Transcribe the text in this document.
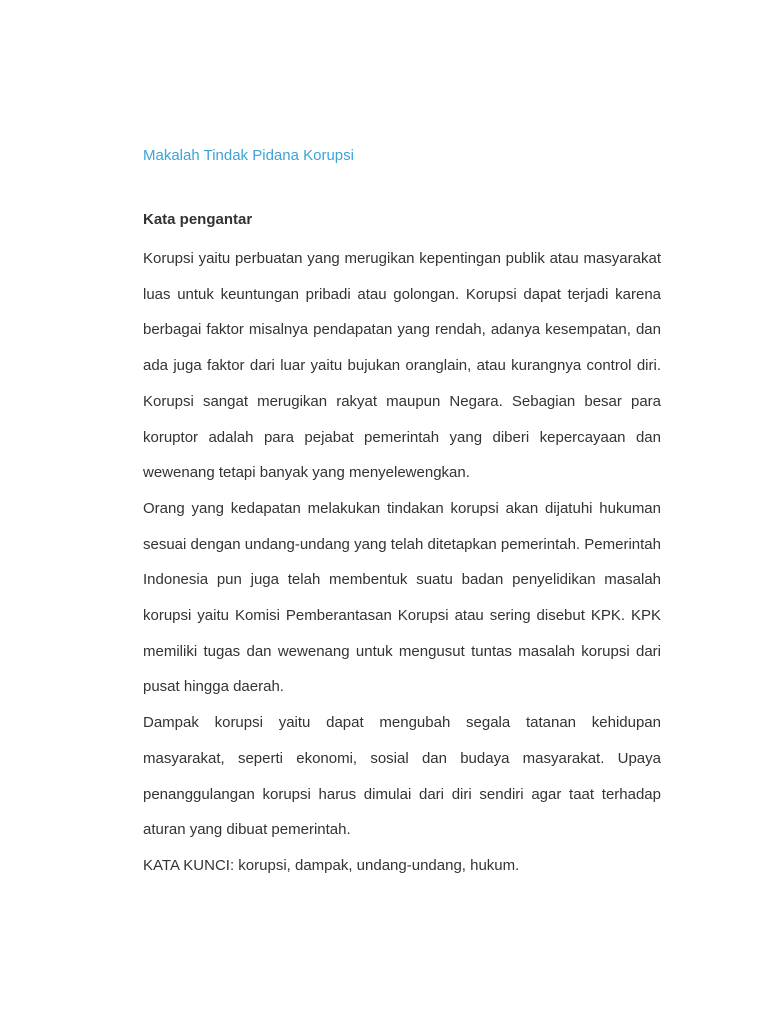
Makalah Tindak Pidana Korupsi
Kata pengantar

Korupsi yaitu perbuatan yang merugikan kepentingan publik atau masyarakat luas untuk keuntungan pribadi atau golongan. Korupsi dapat terjadi karena berbagai faktor misalnya pendapatan yang rendah, adanya kesempatan, dan ada juga faktor dari luar yaitu bujukan oranglain, atau kurangnya control diri. Korupsi sangat merugikan rakyat maupun Negara. Sebagian besar para koruptor adalah para pejabat pemerintah yang diberi kepercayaan dan wewenang tetapi banyak yang menyelewengkan.

Orang yang kedapatan melakukan tindakan korupsi akan dijatuhi hukuman sesuai dengan undang-undang yang telah ditetapkan pemerintah. Pemerintah Indonesia pun juga telah membentuk suatu badan penyelidikan masalah korupsi yaitu Komisi Pemberantasan Korupsi atau sering disebut KPK. KPK memiliki tugas dan wewenang untuk mengusut tuntas masalah korupsi dari pusat hingga daerah.

Dampak korupsi yaitu dapat mengubah segala tatanan kehidupan masyarakat, seperti ekonomi, sosial dan budaya masyarakat. Upaya penanggulangan korupsi harus dimulai dari diri sendiri agar taat terhadap aturan yang dibuat pemerintah.

KATA KUNCI: korupsi, dampak, undang-undang, hukum.
